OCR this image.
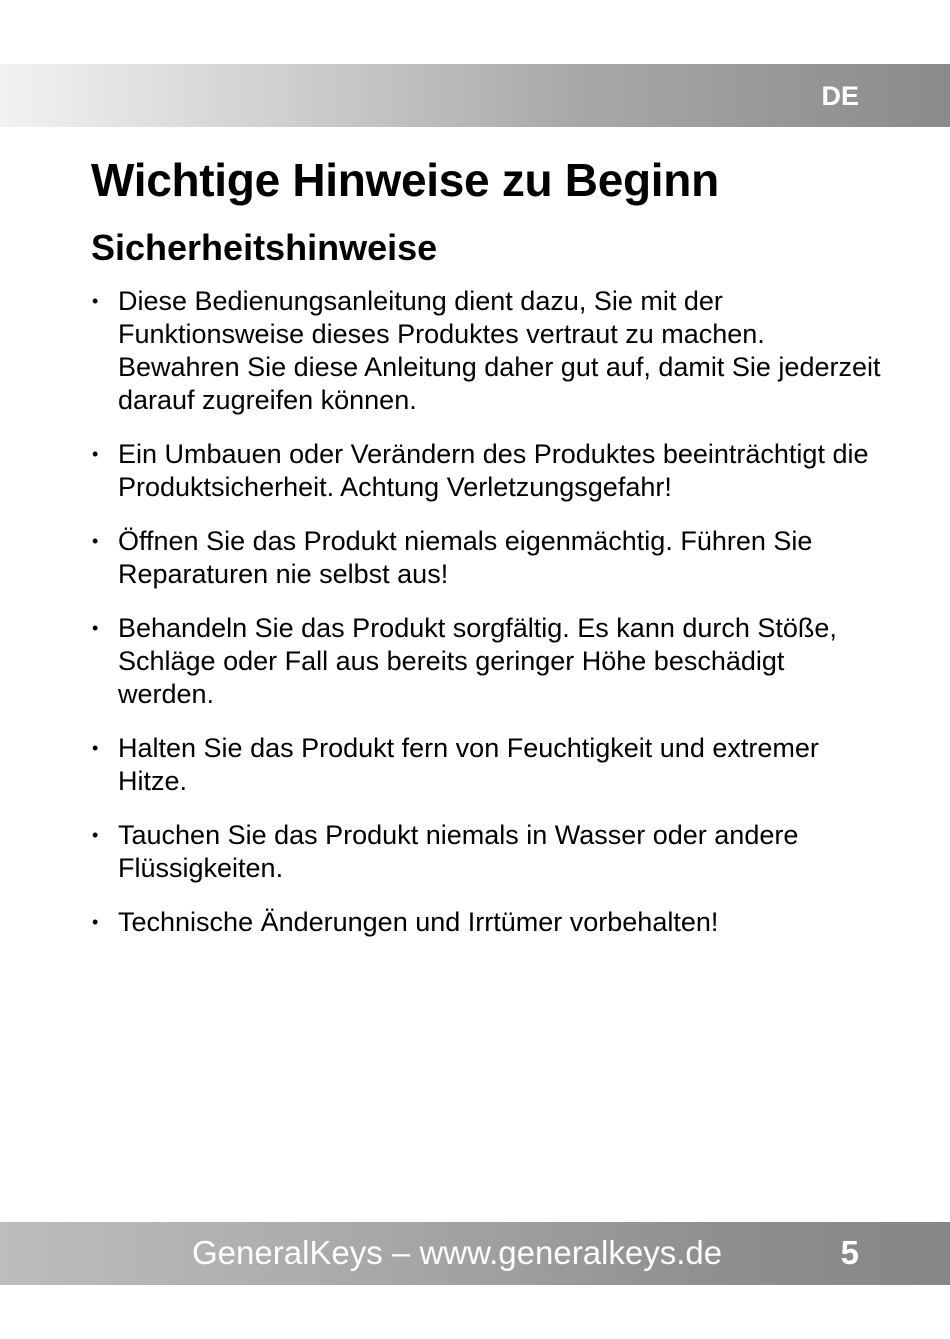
DE
Wichtige Hinweise zu Beginn
Sicherheitshinweise
• Diese Bedienungsanleitung dient dazu, Sie mit der Funktionsweise dieses Produktes vertraut zu machen. Bewahren Sie diese Anleitung daher gut auf, damit Sie jederzeit darauf zugreifen können.
• Ein Umbauen oder Verändern des Produktes beeinträchtigt die Produktsicherheit. Achtung Verletzungsgefahr!
• Öffnen Sie das Produkt niemals eigenmächtig. Führen Sie Reparaturen nie selbst aus!
• Behandeln Sie das Produkt sorgfältig. Es kann durch Stöße, Schläge oder Fall aus bereits geringer Höhe beschädigt werden.
• Halten Sie das Produkt fern von Feuchtigkeit und extremer Hitze.
• Tauchen Sie das Produkt niemals in Wasser oder andere Flüssigkeiten.
• Technische Änderungen und Irrtümer vorbehalten!
GeneralKeys – www.generalkeys.de	5
